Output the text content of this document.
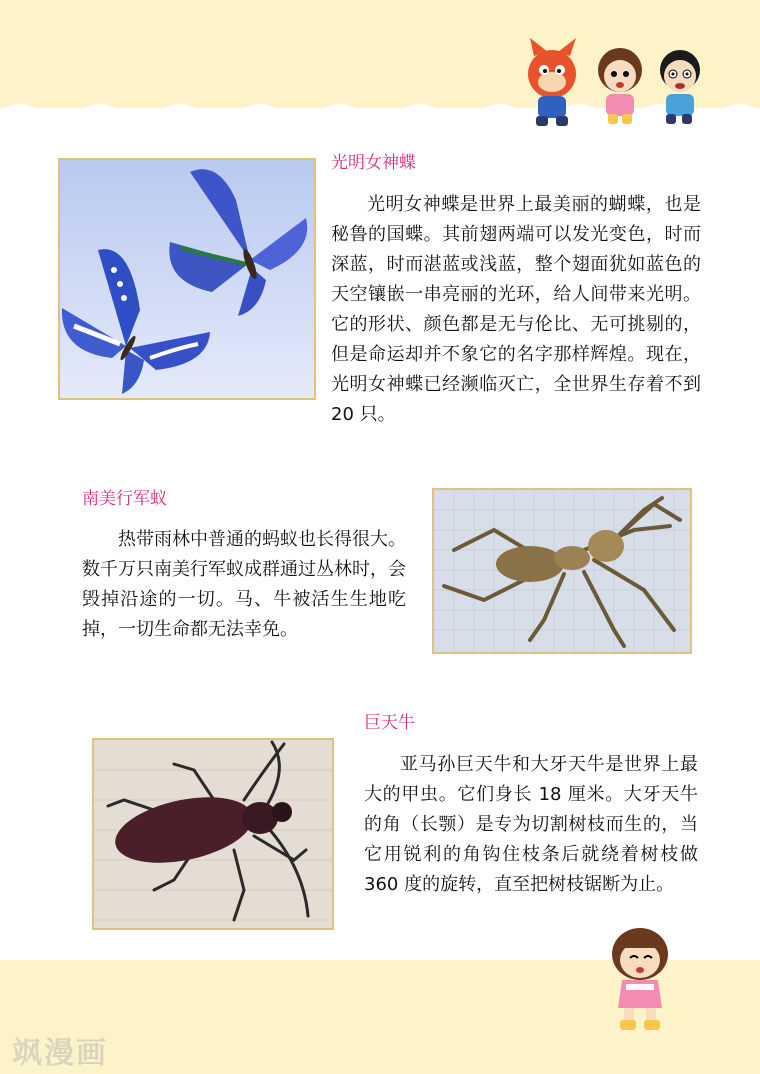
光明女神蝶

光明女神蝶是世界上最美丽的蝴蝶，也是秘鲁的国蝶。其前翅两端可以发光变色，时而深蓝，时而湛蓝或浅蓝，整个翅面犹如蓝色的天空镶嵌一串亮丽的光环，给人间带来光明。它的形状、颜色都是无与伦比、无可挑剔的，但是命运却并不象它的名字那样辉煌。现在，光明女神蝶已经濒临灭亡，全世界生存着不到 20 只。

南美行军蚁

热带雨林中普通的蚂蚁也长得很大。数千万只南美行军蚁成群通过丛林时，会毁掉沿途的一切。马、牛被活生生地吃掉，一切生命都无法幸免。

巨天牛

亚马孙巨天牛和大牙天牛是世界上最大的甲虫。它们身长 18 厘米。大牙天牛的角（长颚）是专为切割树枝而生的，当它用锐利的角钩住枝条后就绕着树枝做 360 度的旋转，直至把树枝锯断为止。

飒漫画
